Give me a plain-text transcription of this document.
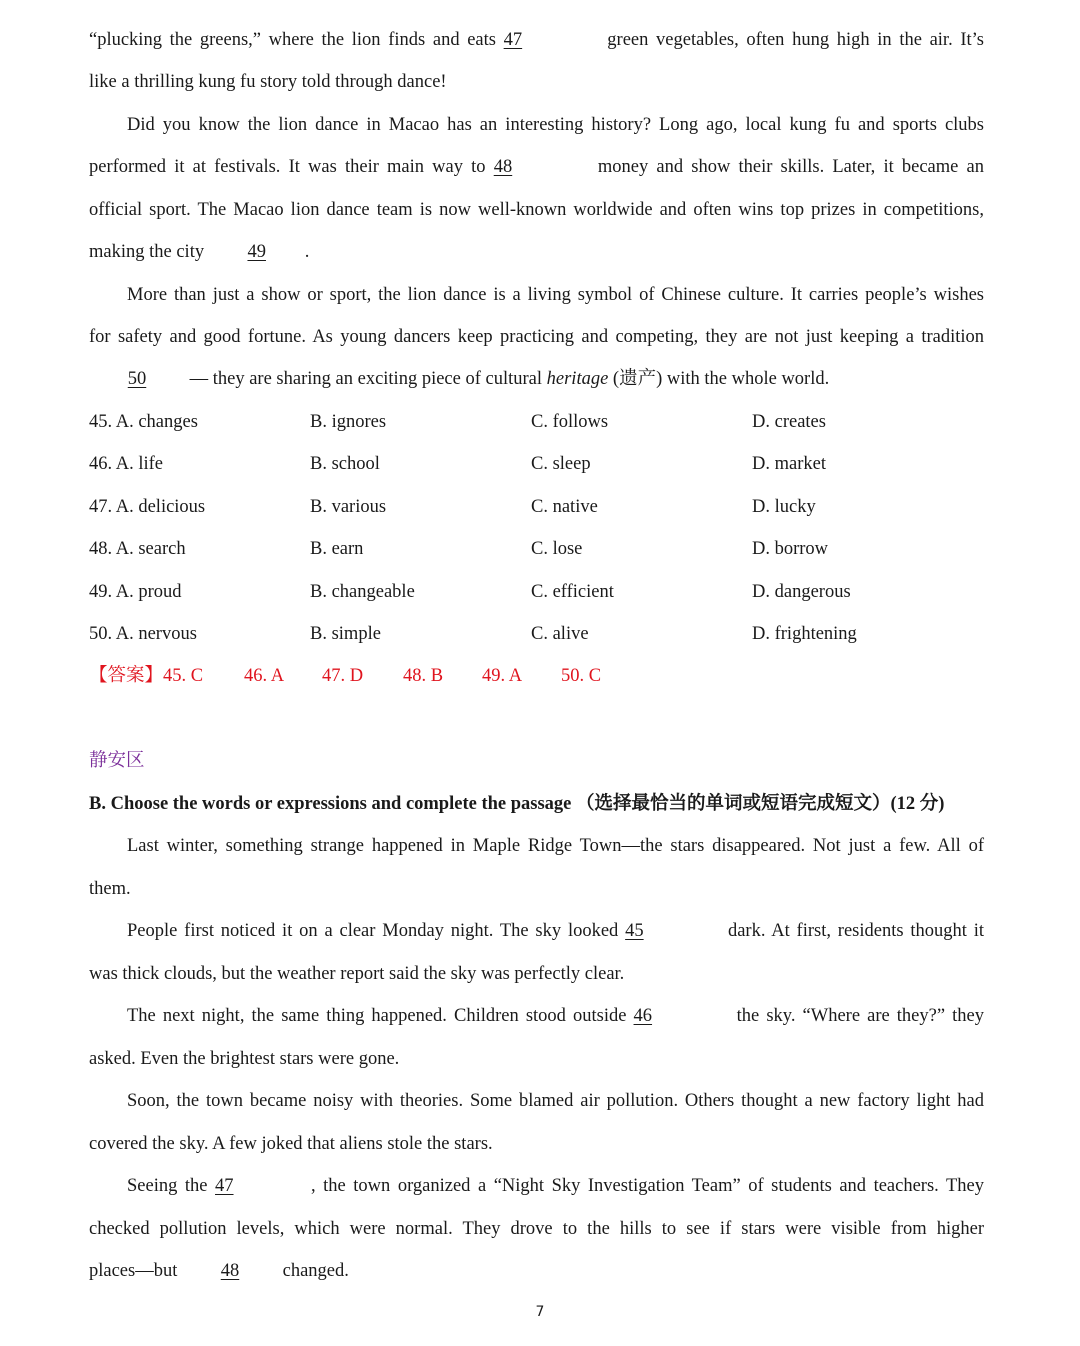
“plucking the greens,” where the lion finds and eats 47	green vegetables, often hung high in the air. It’s
like a thrilling kung fu story told through dance!
Did you know the lion dance in Macao has an interesting history? Long ago, local kung fu and sports clubs
performed it at festivals. It was their main way to 48	money and show their skills. Later, it became an
official sport. The Macao lion dance team is now well-known worldwide and often wins top prizes in competitions,
making the city 49 .
More than just a show or sport, the lion dance is a living symbol of Chinese culture. It carries people’s wishes
for safety and good fortune. As young dancers keep practicing and competing, they are not just keeping a tradition
50 — they are sharing an exciting piece of cultural heritage (遗产) with the whole world.
45. A. changes	B. ignores	C. follows	D. creates
46. A. life	B. school	C. sleep	D. market
47. A. delicious	B. various	C. native	D. lucky
48. A. search	B. earn	C. lose	D. borrow
49. A. proud	B. changeable	C. efficient	D. dangerous
50. A. nervous	B. simple	C. alive	D. frightening
【答案】45. C 46. A 47. D 48. B 49. A 50. C
静安区
B. Choose the words or expressions and complete the passage （选择最恰当的单词或短语完成短文）(12 分)
Last winter, something strange happened in Maple Ridge Town—the stars disappeared. Not just a few. All of
them.
People first noticed it on a clear Monday night. The sky looked 45	dark. At first, residents thought it
was thick clouds, but the weather report said the sky was perfectly clear.
The next night, the same thing happened. Children stood outside 46	the sky. “Where are they?” they
asked. Even the brightest stars were gone.
Soon, the town became noisy with theories. Some blamed air pollution. Others thought a new factory light had
covered the sky. A few joked that aliens stole the stars.
Seeing the 47	, the town organized a “Night Sky Investigation Team” of students and teachers. They
checked pollution levels, which were normal. They drove to the hills to see if stars were visible from higher
places—but 48 changed.
7
